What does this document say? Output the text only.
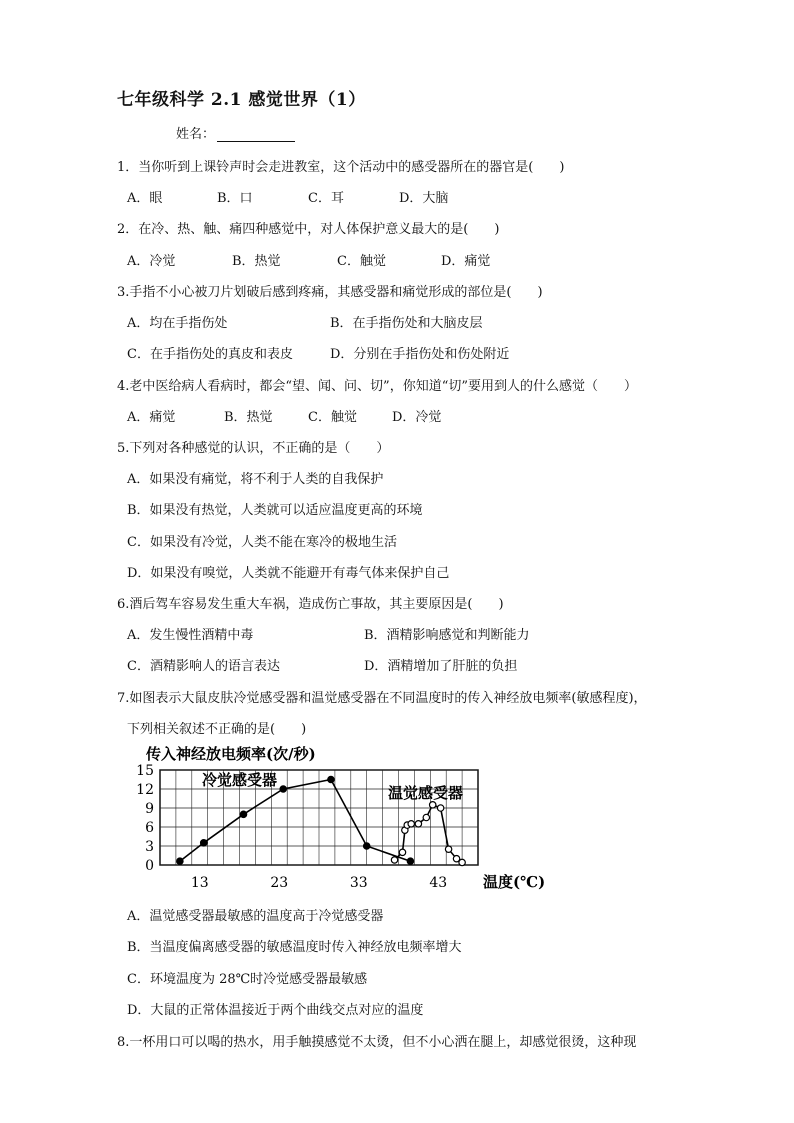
七年级科学 2.1 感觉世界（1）
姓名：
1．当你听到上课铃声时会走进教室，这个活动中的感受器所在的器官是(　　)
A．眼	B．口	C．耳	D．大脑
2．在冷、热、触、痛四种感觉中，对人体保护意义最大的是(　　)
A．冷觉	B．热觉	C．触觉	D．痛觉
3.手指不小心被刀片划破后感到疼痛，其感受器和痛觉形成的部位是(　　)
A．均在手指伤处	B．在手指伤处和大脑皮层
C．在手指伤处的真皮和表皮	D．分别在手指伤处和伤处附近
4.老中医给病人看病时，都会“望、闻、问、切”，你知道“切”要用到人的什么感觉（　　）
A．痛觉	B．热觉	C．触觉	D．冷觉
5.下列对各种感觉的认识，不正确的是（　　）
A．如果没有痛觉，将不利于人类的自我保护
B．如果没有热觉，人类就可以适应温度更高的环境
C．如果没有冷觉，人类不能在寒冷的极地生活
D．如果没有嗅觉，人类就不能避开有毒气体来保护自己
6.酒后驾车容易发生重大车祸，造成伤亡事故，其主要原因是(　　)
A．发生慢性酒精中毒	B．酒精影响感觉和判断能力
C．酒精影响人的语言表达	D．酒精增加了肝脏的负担
7.如图表示大鼠皮肤冷觉感受器和温觉感受器在不同温度时的传入神经放电频率(敏感程度)，
下列相关叙述不正确的是(　　)
传入神经放电频率(次/秒)
0
3
6
9
12
15
13	23	33	43 温度(℃)
冷觉感受器
温觉感受器
A．温觉感受器最敏感的温度高于冷觉感受器
B．当温度偏离感受器的敏感温度时传入神经放电频率增大
C．环境温度为 28℃时冷觉感受器最敏感
D．大鼠的正常体温接近于两个曲线交点对应的温度
8.一杯用口可以喝的热水，用手触摸感觉不太烫，但不小心洒在腿上，却感觉很烫，这种现
